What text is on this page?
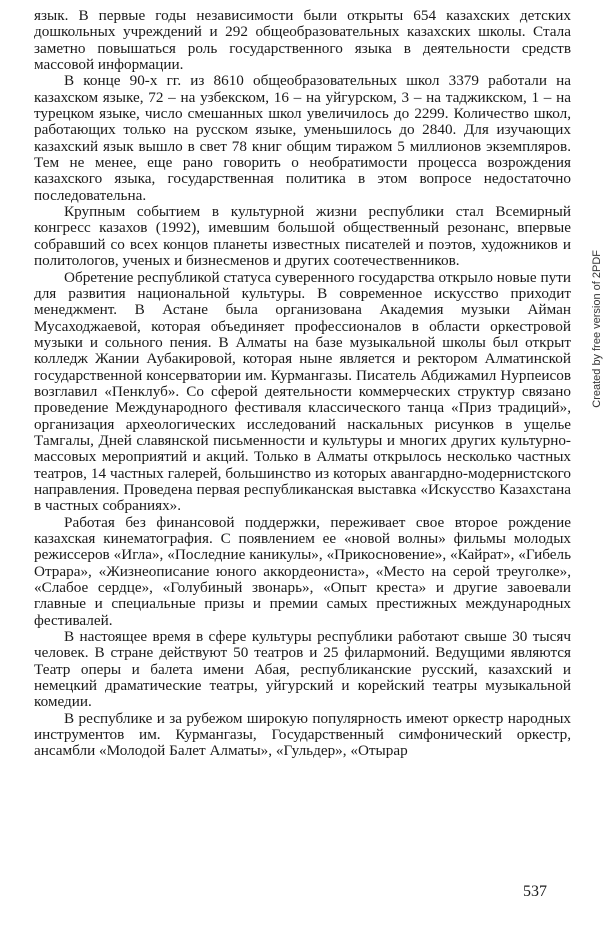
язык. В первые годы независимости были открыты 654 казахских детских дошкольных учреждений и 292 общеобразовательных казахских школы. Стала заметно повышаться роль государственного языка в деятельности средств массовой информации.

В конце 90-х гг. из 8610 общеобразовательных школ 3379 работали на казахском языке, 72 – на узбекском, 16 – на уйгурском, 3 – на таджикском, 1 – на турецком языке, число смешанных школ увеличилось до 2299. Количество школ, работающих только на русском языке, уменьшилось до 2840. Для изучающих казахский язык вышло в свет 78 книг общим тиражом 5 миллионов экземпляров. Тем не менее, еще рано говорить о необратимости процесса возрождения казахского языка, государственная политика в этом вопросе недостаточно последовательна.

Крупным событием в культурной жизни республики стал Всемирный конгресс казахов (1992), имевшим большой общественный резонанс, впервые собравший со всех концов планеты известных писателей и поэтов, художников и политологов, ученых и бизнесменов и других соотечественников.

Обретение республикой статуса суверенного государства открыло новые пути для развития национальной культуры. В современное искусство приходит менеджмент. В Астане была организована Академия музыки Айман Мусаходжаевой, которая объединяет профессионалов в области оркестровой музыки и сольного пения. В Алматы на базе музыкальной школы был открыт колледж Жании Аубакировой, которая ныне является и ректором Алматинской государственной консерватории им. Курмангазы. Писатель Абдижамил Нурпеисов возглавил «Пенклуб». Со сферой деятельности коммерческих структур связано проведение Международного фестиваля классического танца «Приз традиций», организация археологических исследований наскальных рисунков в ущелье Тамгалы, Дней славянской письменности и культуры и многих других культурно-массовых мероприятий и акций. Только в Алматы открылось несколько частных театров, 14 частных галерей, большинство из которых авангардно-модернистского направления. Проведена первая республиканская выставка «Искусство Казахстана в частных собраниях».

Работая без финансовой поддержки, переживает свое второе рождение казахская кинематография. С появлением ее «новой волны» фильмы молодых режиссеров «Игла», «Последние каникулы», «Прикосновение», «Кайрат», «Гибель Отрара», «Жизнеописание юного аккордеониста», «Место на серой треуголке», «Слабое сердце», «Голубиный звонарь», «Опыт креста» и другие завоевали главные и специальные призы и премии самых престижных международных фестивалей.

В настоящее время в сфере культуры республики работают свыше 30 тысяч человек. В стране действуют 50 театров и 25 филармоний. Ведущими являются Театр оперы и балета имени Абая, республиканские русский, казахский и немецкий драматические театры, уйгурский и корейский театры музыкальной комедии.

В республике и за рубежом широкую популярность имеют оркестр народных инструментов им. Курмангазы, Государственный симфонический оркестр, ансамбли «Молодой Балет Алматы», «Гульдер», «Отырар

537
Created by free version of 2PDF
